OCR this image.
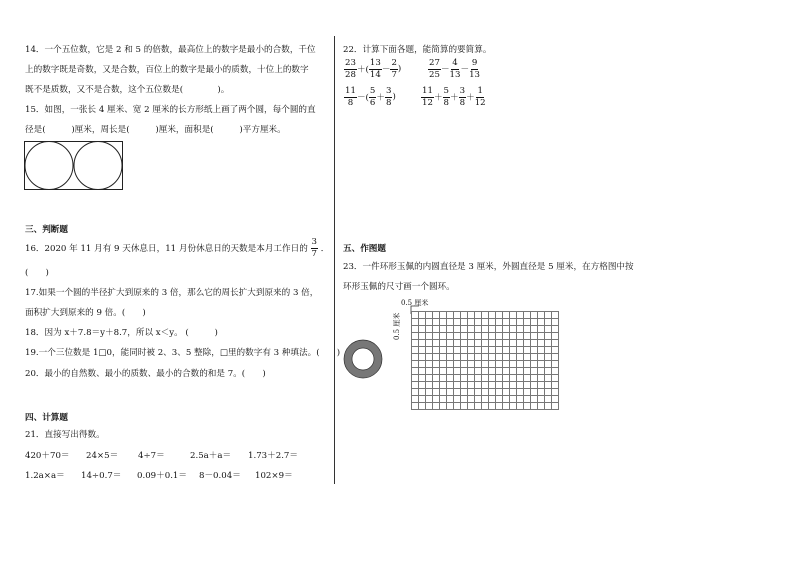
14．一个五位数，它是 2 和 5 的倍数，最高位上的数字是最小的合数，千位
上的数字既是奇数，又是合数，百位上的数字是最小的质数，十位上的数字
既不是质数，又不是合数，这个五位数是(　　　　)。
15．如图，一张长 4 厘米、宽 2 厘米的长方形纸上画了两个圆，每个圆的直
径是(　　　)厘米，周长是(　　　)厘米，面积是(　　　)平方厘米。
三、判断题
16．2020 年 11 月有 9 天休息日，11 月份休息日的天数是本月工作日的 $\frac{3}{7}$ ．
(　　)
17.如果一个圆的半径扩大到原来的 3 倍，那么它的周长扩大到原来的 3 倍，
面积扩大到原来的 9 倍。(　　)
18．因为 x＋7.8＝y＋8.7，所以 x＜y。 (　　　)
19.一个三位数是 1□0，能同时被 2、3、5 整除，□里的数字有 3 种填法。(　　)
20．最小的自然数、最小的质数、最小的合数的和是 7。(　　)
四、计算题
21．直接写出得数。
420＋70＝ 24×5＝ 4÷7＝	2.5a＋a＝ 1.73＋2.7＝
1.2a×a＝ 14÷0.7＝ 0.09＋0.1＝ 8－0.04＝ 102×9＝
22．计算下面各题，能简算的要简算。
$\frac{23}{28}$ ＋( $\frac{13}{14} - \frac{2}{7}$ )	$\frac{27}{25} - \frac{4}{13} - \frac{9}{13}$
$\frac{11}{8}$ －( $\frac{5}{6} + \frac{3}{8}$ )	$\frac{11}{12} + \frac{5}{8} + \frac{3}{8} + \frac{1}{12}$
五、作图题
23．一件环形玉佩的内圆直径是 3 厘米，外圆直径是 5 厘米，在方格图中按
环形玉佩的尺寸画一个圆环。
0.5 厘米
0.5 厘米
